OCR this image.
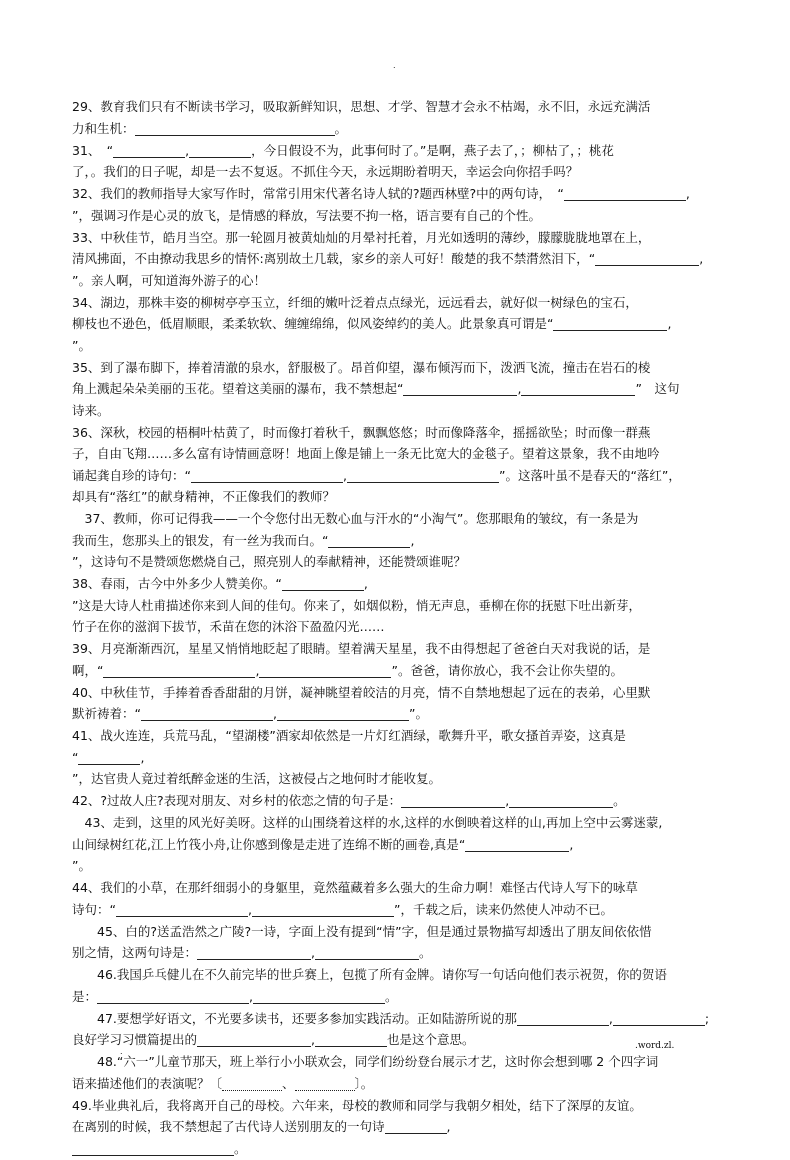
.
29、教育我们只有不断读书学习，吸取新鲜知识，思想、才学、智慧才会永不枯竭，永不旧，永远充满活
力和生机：	。
31、　“	,	，今日假设不为，此事何时了。”是啊，燕子去了，；柳枯了，；桃花
了，。我们的日子呢，却是一去不复返。不抓住今天，永远期盼着明天，幸运会向你招手吗？
32、我们的教师指导大家写作时，常常引用宋代著名诗人轼的?题西林壁?中的两句诗，　“	,
”，强调习作是心灵的放飞，是情感的释放，写法要不拘一格，语言要有自己的个性。
33、中秋佳节，皓月当空。那一轮圆月被黄灿灿的月晕衬托着，月光如透明的薄纱，朦朦胧胧地罩在上，
清风拂面，不由撩动我思乡的情怀:离别故土几载，家乡的亲人可好！酸楚的我不禁潸然泪下，“	,
”。亲人啊，可知道海外游子的心！
34、湖边，那株丰姿的柳树亭亭玉立，纤细的嫩叶泛着点点绿光，远远看去，就好似一树绿色的宝石，
柳枝也不逊色，低眉顺眼，柔柔软软、缠缠绵绵，似风姿绰约的美人。此景象真可谓是“	,
”。
35、到了瀑布脚下，捧着清澈的泉水，舒服极了。昂首仰望，瀑布倾泻而下，泼洒飞流，撞击在岩石的棱
角上溅起朵朵美丽的玉花。望着这美丽的瀑布，我不禁想起“	,	”　这句
诗来。
36、深秋，校园的梧桐叶枯黄了，时而像打着秋千，飘飘悠悠；时而像降落伞，摇摇欲坠；时而像一群燕
子，自由飞翔……多么富有诗情画意呀！地面上像是铺上一条无比宽大的金毯子。望着这景象，我不由地吟
诵起龚自珍的诗句：“	,	”。这落叶虽不是春天的“落红”，
却具有“落红”的献身精神，不正像我们的教师？
　37、教师，你可记得我——一个令您付出无数心血与汗水的“小淘气”。您那眼角的皱纹，有一条是为
我而生，您那头上的银发，有一丝为我而白。“	,
”，这诗句不是赞颂您燃烧自己，照亮别人的奉献精神，还能赞颂谁呢？
38、春雨，古今中外多少人赞美你。“	,
”这是大诗人杜甫描述你来到人间的佳句。你来了，如烟似粉，悄无声息，垂柳在你的抚慰下吐出新芽，
竹子在你的滋润下拔节，禾苗在您的沐浴下盈盈闪光……
39、月亮渐渐西沉，星星又悄悄地眨起了眼睛。望着满天星星，我不由得想起了爸爸白天对我说的话，是
啊，“	,	”。爸爸，请你放心，我不会让你失望的。
40、中秋佳节，手捧着香香甜甜的月饼，凝神眺望着皎洁的月亮，情不自禁地想起了远在的表弟，心里默
默祈祷着：“	,	”。
41、战火连连，兵荒马乱，“望湖楼”酒家却依然是一片灯红酒绿，歌舞升平，歌女搔首弄姿，这真是
“	,
”，达官贵人竟过着纸醉金迷的生活，这被侵占之地何时才能收复。
42、?过故人庄?表现对朋友、对乡村的依恋之情的句子是：	,	。
　43、走到，这里的风光好美呀。这样的山围绕着这样的水,这样的水倒映着这样的山,再加上空中云雾迷蒙,
山间绿树红花,江上竹筏小舟,让你感到像是走进了连绵不断的画卷,真是“	,
”。
44、我们的小草，在那纤细弱小的身躯里，竟然蕴藏着多么强大的生命力啊！难怪古代诗人写下的咏草
诗句：“	,	”，千载之后，读来仍然使人冲动不已。
　　45、白的?送孟浩然之广陵?一诗，字面上没有提到“情”字，但是通过景物描写却透出了朋友间依依惜
别之情，这两句诗是：	,	。
　　46.我国乒乓健儿在不久前完毕的世乒赛上，包揽了所有金牌。请你写一句话向他们表示祝贺，你的贺语
是：	,	。
　　47.要想学好语文，不光要多读书，还要多参加实践活动。正如陆游所说的那	,	;
良好学习习惯篇提出的	,	也是这个意思。
　　48.“六一”儿童节那天，班上举行小小联欢会，同学们纷纷登台展示才艺，这时你会想到哪 2 个四字词
语来描述他们的表演呢？〔	、	〕。
49.毕业典礼后，我将离开自己的母校。六年来，母校的教师和同学与我朝夕相处，结下了深厚的友谊。
在离别的时候，我不禁想起了古代诗人送别朋友的一句诗	,
。
.
.word.zl.
